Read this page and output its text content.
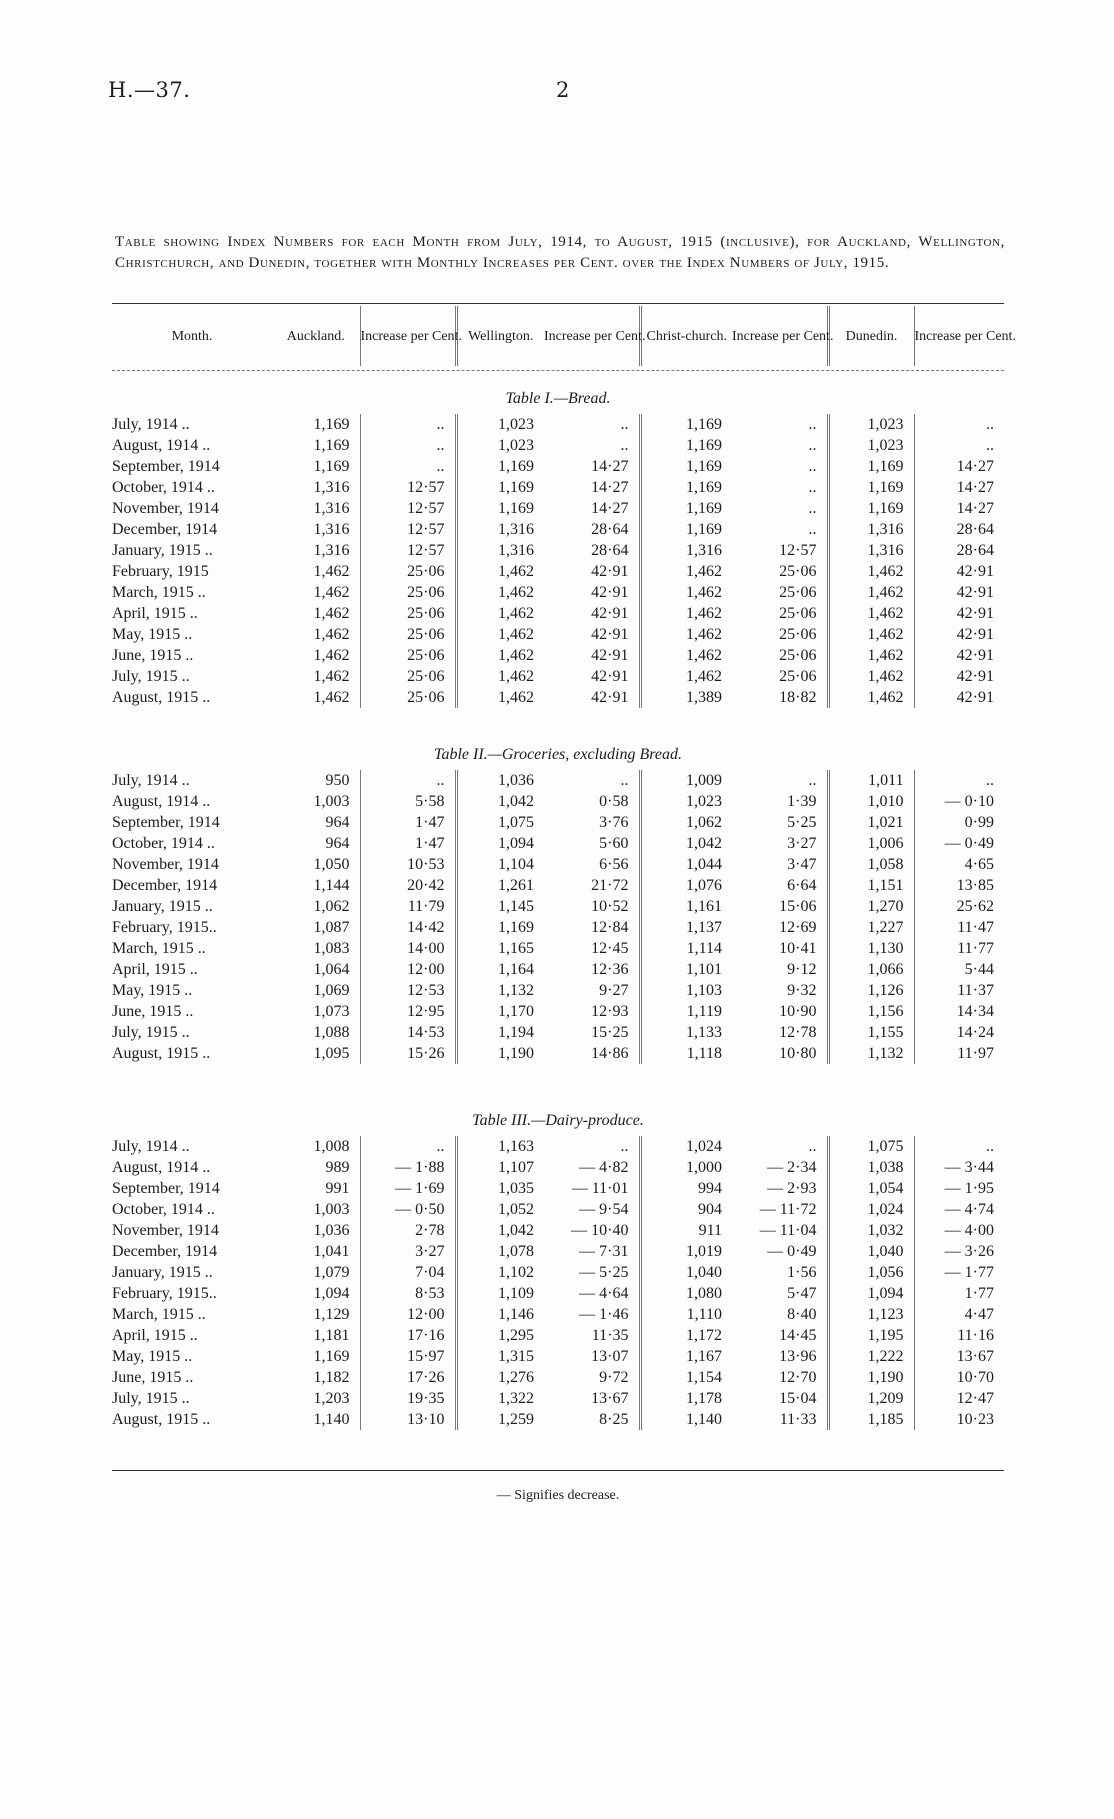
H.—37.	2
Table showing Index Numbers for each Month from July, 1914, to August, 1915 (inclusive), for Auckland, Wellington, Christchurch, and Dunedin, together with Monthly Increases per Cent. over the Index Numbers of July, 1915.
Month.	Auckland.	Increase per Cent.	Wellington.	Increase per Cent.	Christ-church.	Increase per Cent.	Dunedin.	Increase per Cent.
Table I.—Bread.
July, 1914 ..	1,169	..	1,023	..	1,169	..	1,023	..
August, 1914 ..	1,169	..	1,023	..	1,169	..	1,023	..
September, 1914	1,169	..	1,169	14·27	1,169	..	1,169	14·27
October, 1914 ..	1,316	12·57	1,169	14·27	1,169	..	1,169	14·27
November, 1914	1,316	12·57	1,169	14·27	1,169	..	1,169	14·27
December, 1914	1,316	12·57	1,316	28·64	1,169	..	1,316	28·64
January, 1915 ..	1,316	12·57	1,316	28·64	1,316	12·57	1,316	28·64
February, 1915	1,462	25·06	1,462	42·91	1,462	25·06	1,462	42·91
March, 1915 ..	1,462	25·06	1,462	42·91	1,462	25·06	1,462	42·91
April, 1915 ..	1,462	25·06	1,462	42·91	1,462	25·06	1,462	42·91
May, 1915 ..	1,462	25·06	1,462	42·91	1,462	25·06	1,462	42·91
June, 1915 ..	1,462	25·06	1,462	42·91	1,462	25·06	1,462	42·91
July, 1915 ..	1,462	25·06	1,462	42·91	1,462	25·06	1,462	42·91
August, 1915 ..	1,462	25·06	1,462	42·91	1,389	18·82	1,462	42·91
Table II.—Groceries, excluding Bread.
July, 1914 ..	950	..	1,036	..	1,009	..	1,011	..
August, 1914 ..	1,003	5·58	1,042	0·58	1,023	1·39	1,010	— 0·10
September, 1914	964	1·47	1,075	3·76	1,062	5·25	1,021	0·99
October, 1914 ..	964	1·47	1,094	5·60	1,042	3·27	1,006	— 0·49
November, 1914	1,050	10·53	1,104	6·56	1,044	3·47	1,058	4·65
December, 1914	1,144	20·42	1,261	21·72	1,076	6·64	1,151	13·85
January, 1915 ..	1,062	11·79	1,145	10·52	1,161	15·06	1,270	25·62
February, 1915..	1,087	14·42	1,169	12·84	1,137	12·69	1,227	11·47
March, 1915 ..	1,083	14·00	1,165	12·45	1,114	10·41	1,130	11·77
April, 1915 ..	1,064	12·00	1,164	12·36	1,101	9·12	1,066	5·44
May, 1915 ..	1,069	12·53	1,132	9·27	1,103	9·32	1,126	11·37
June, 1915 ..	1,073	12·95	1,170	12·93	1,119	10·90	1,156	14·34
July, 1915 ..	1,088	14·53	1,194	15·25	1,133	12·78	1,155	14·24
August, 1915 ..	1,095	15·26	1,190	14·86	1,118	10·80	1,132	11·97
Table III.—Dairy-produce.
July, 1914 ..	1,008	..	1,163	..	1,024	..	1,075	..
August, 1914 ..	989	— 1·88	1,107	— 4·82	1,000	— 2·34	1,038	— 3·44
September, 1914	991	— 1·69	1,035	— 11·01	994	— 2·93	1,054	— 1·95
October, 1914 ..	1,003	— 0·50	1,052	— 9·54	904	— 11·72	1,024	— 4·74
November, 1914	1,036	2·78	1,042	— 10·40	911	— 11·04	1,032	— 4·00
December, 1914	1,041	3·27	1,078	— 7·31	1,019	— 0·49	1,040	— 3·26
January, 1915 ..	1,079	7·04	1,102	— 5·25	1,040	1·56	1,056	— 1·77
February, 1915..	1,094	8·53	1,109	— 4·64	1,080	5·47	1,094	1·77
March, 1915 ..	1,129	12·00	1,146	— 1·46	1,110	8·40	1,123	4·47
April, 1915 ..	1,181	17·16	1,295	11·35	1,172	14·45	1,195	11·16
May, 1915 ..	1,169	15·97	1,315	13·07	1,167	13·96	1,222	13·67
June, 1915 ..	1,182	17·26	1,276	9·72	1,154	12·70	1,190	10·70
July, 1915 ..	1,203	19·35	1,322	13·67	1,178	15·04	1,209	12·47
August, 1915 ..	1,140	13·10	1,259	8·25	1,140	11·33	1,185	10·23
— Signifies decrease.
